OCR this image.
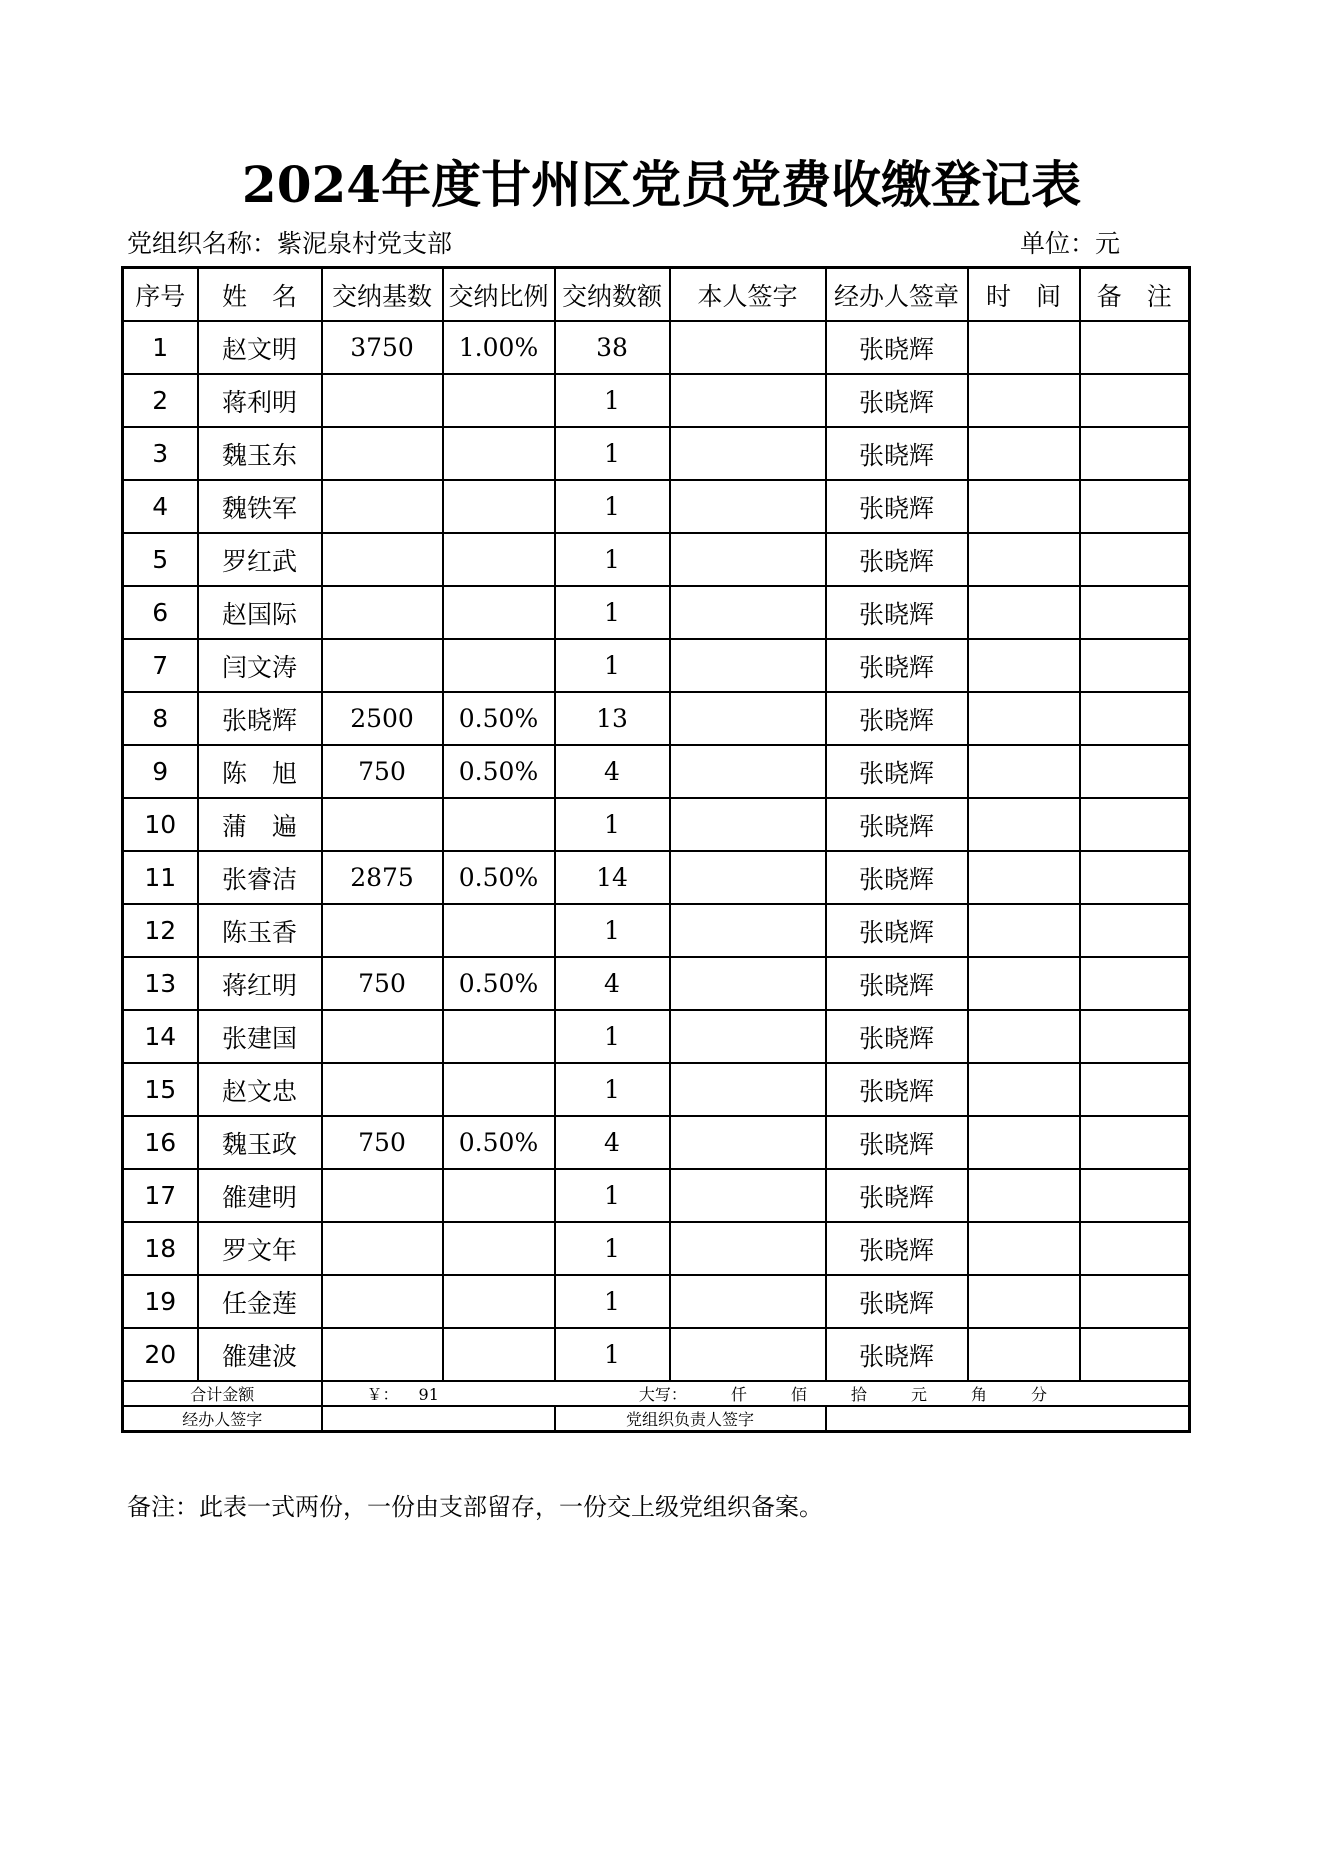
2024年度甘州区党员党费收缴登记表
党组织名称：紫泥泉村党支部	单位：元
序号	姓　名	交纳基数	交纳比例	交纳数额	本人签字	经办人签章	时　间	备　注
1	赵文明	3750	1.00%	38		张晓辉		
2	蒋利明			1		张晓辉		
3	魏玉东			1		张晓辉		
4	魏铁军			1		张晓辉		
5	罗红武			1		张晓辉		
6	赵国际			1		张晓辉		
7	闫文涛			1		张晓辉		
8	张晓辉	2500	0.50%	13		张晓辉		
9	陈　旭	750	0.50%	4		张晓辉		
10	蒲　遍			1		张晓辉		
11	张睿洁	2875	0.50%	14		张晓辉		
12	陈玉香			1		张晓辉		
13	蒋红明	750	0.50%	4		张晓辉		
14	张建国			1		张晓辉		
15	赵文忠			1		张晓辉		
16	魏玉政	750	0.50%	4		张晓辉		
17	雒建明			1		张晓辉		
18	罗文年			1		张晓辉		
19	任金莲			1		张晓辉		
20	雒建波			1		张晓辉		
合计金额		￥： 91 大写： 仟 佰 拾 元 角 分						
经办人签字				党组织负责人签字				
备注：此表一式两份，一份由支部留存，一份交上级党组织备案。
